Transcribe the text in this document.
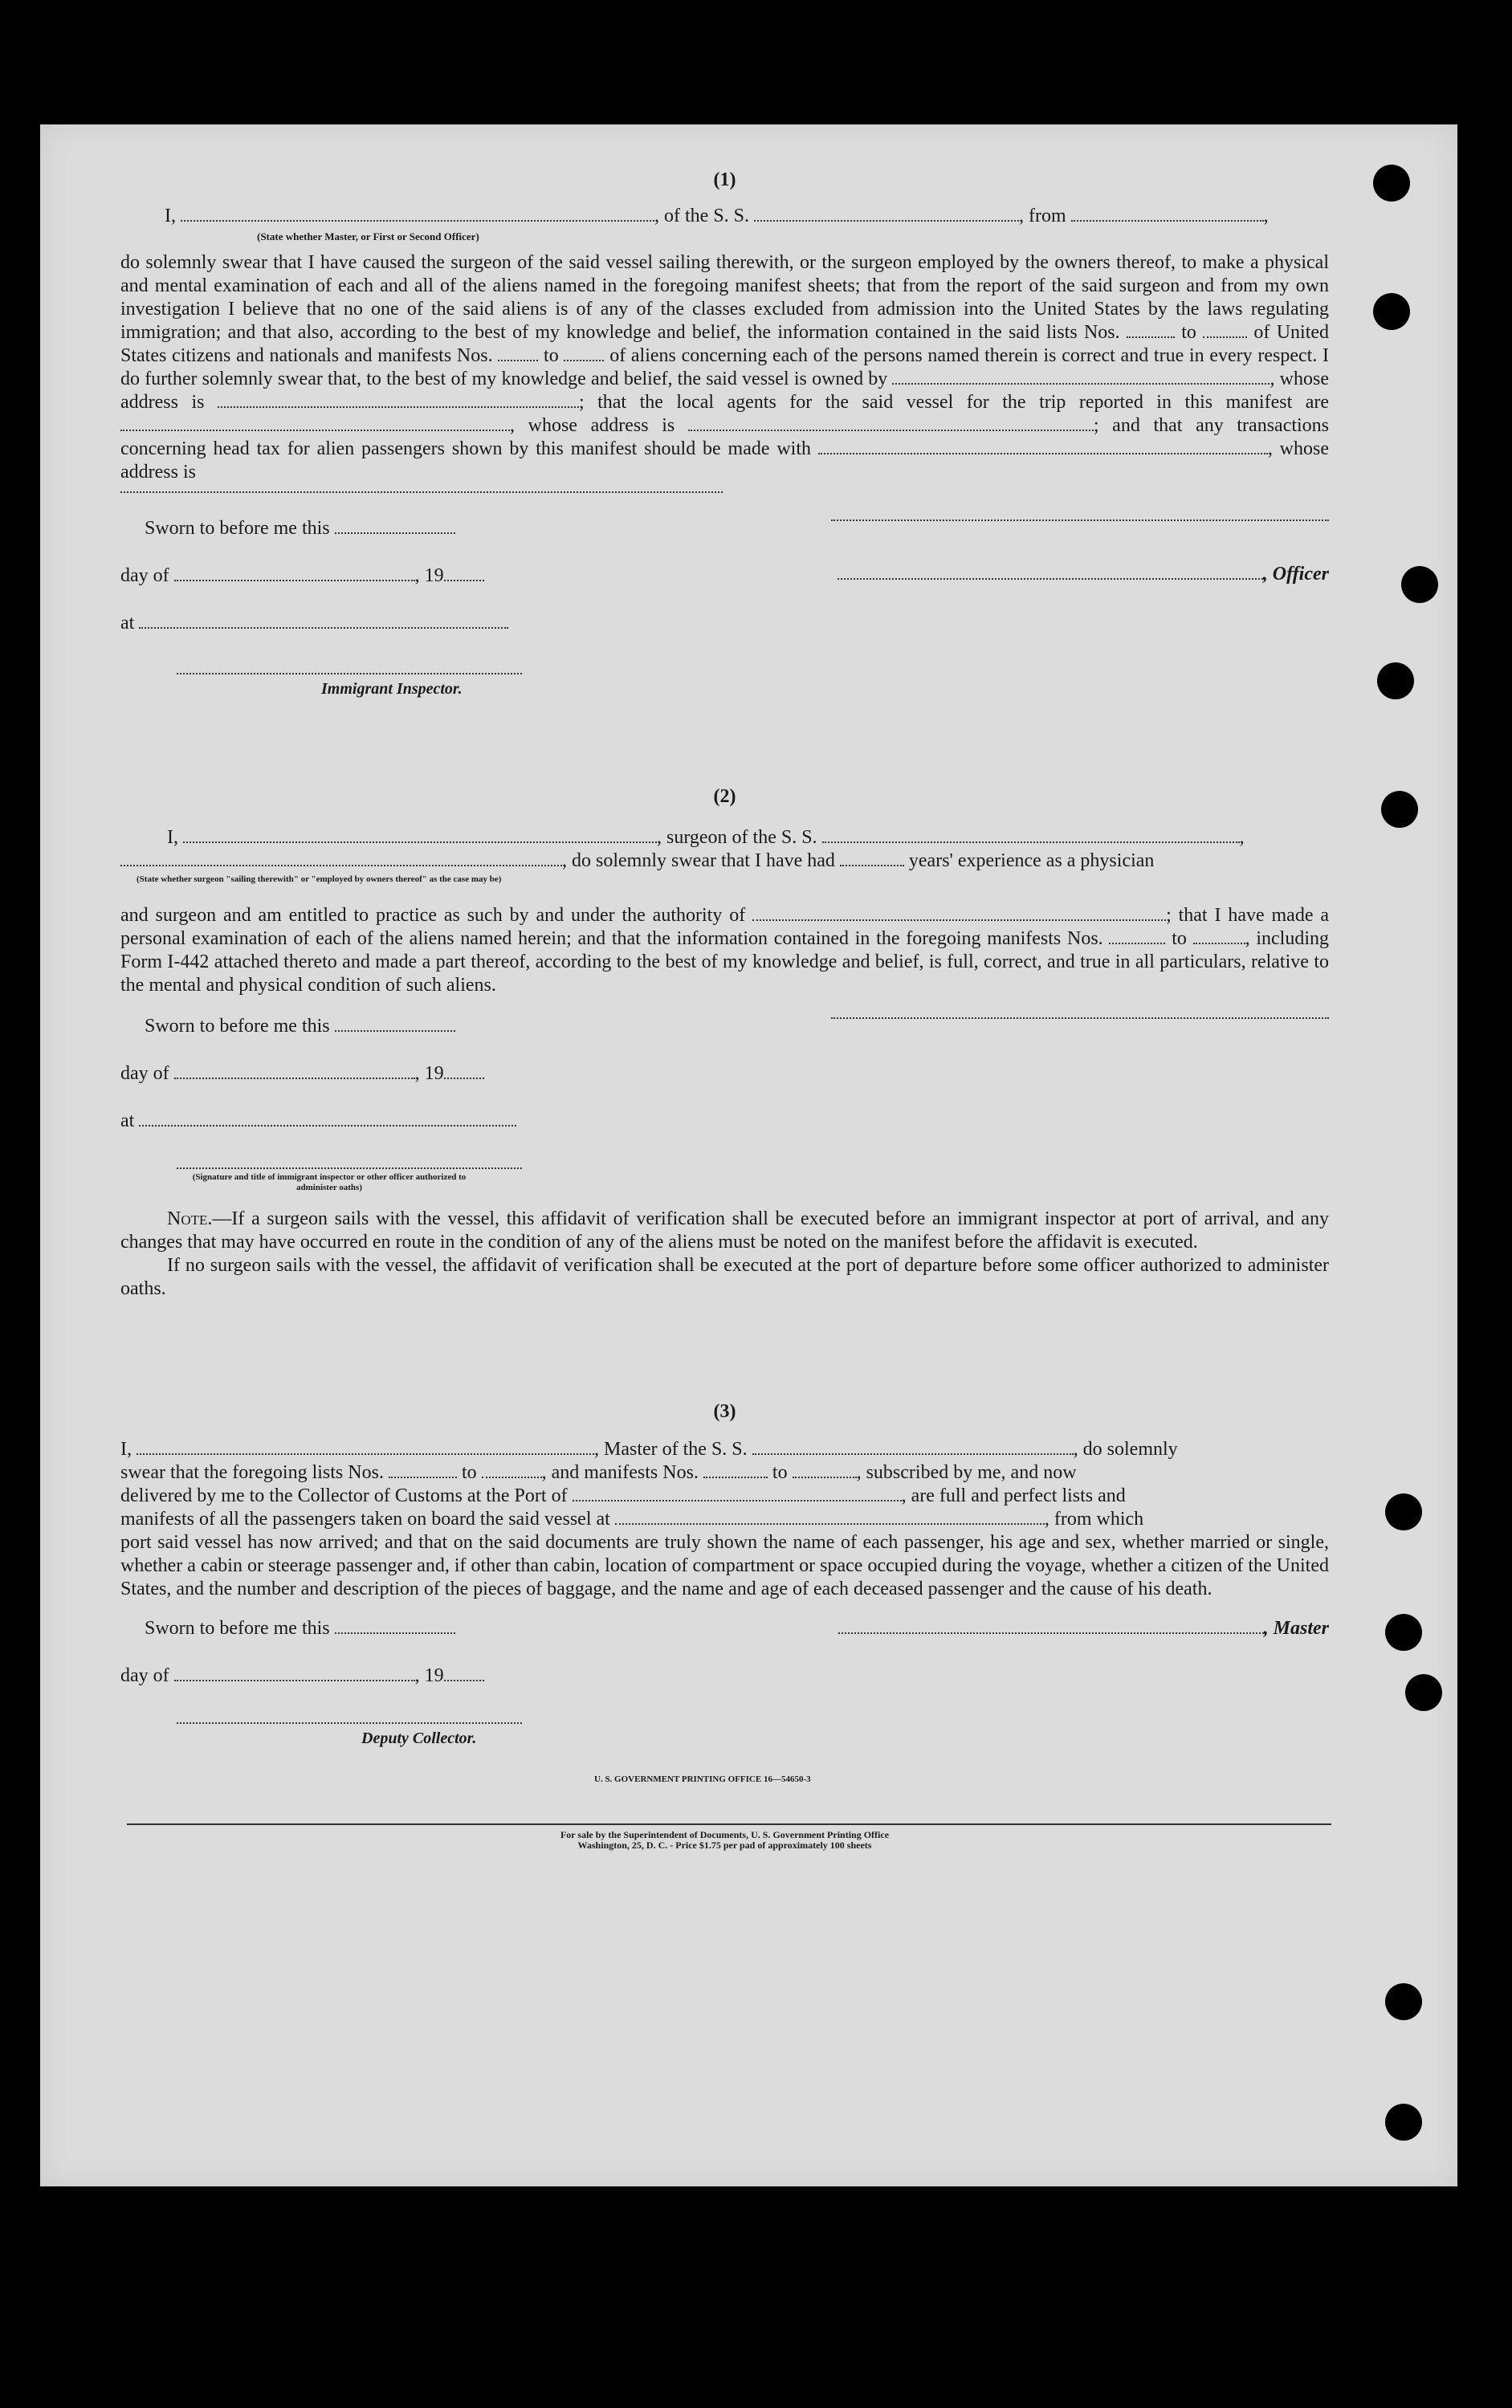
(1)
I,	, of the S. S.	, from	,
(State whether Master, or First or Second Officer)

do solemnly swear that I have caused the surgeon of the said vessel sailing therewith, or the surgeon employed by the owners thereof, to make a physical and mental examination of each and all of the aliens named in the foregoing manifest sheets; that from the report of the said surgeon and from my own investigation I believe that no one of the said aliens is of any of the classes excluded from admission into the United States by the laws regulating immigration; and that also, according to the best of my knowledge and belief, the information contained in the said lists Nos.	to	of United States citizens and nationals and manifests Nos.	to	of aliens concerning each of the persons named therein is correct and true in every respect. I do further solemnly swear that, to the best of my knowledge and belief, the said vessel is owned by	, whose address is	; that the local agents for the said vessel for the trip reported in this manifest are , whose address is	; and that any transactions concerning head tax for alien passengers shown by this manifest should be made with	, whose address is

Sworn to before me this
day of	, 19
at
Immigrant Inspector.
, Officer
(2)
I,	, surgeon of the S. S.	,
, do solemnly swear that I have had	years' experience as a physician
(State whether surgeon "sailing therewith" or "employed by owners thereof" as the case may be)

and surgeon and am entitled to practice as such by and under the authority of	; that I have made a personal examination of each of the aliens named herein; and that the information contained in the foregoing manifests Nos.	to	, including Form I-442 attached thereto and made a part thereof, according to the best of my knowledge and belief, is full, correct, and true in all particulars, relative to the mental and physical condition of such aliens.

Sworn to before me this
day of	, 19
at
(Signature and title of immigrant inspector or other officer authorized to administer oaths)

Note.—If a surgeon sails with the vessel, this affidavit of verification shall be executed before an immigrant inspector at port of arrival, and any changes that may have occurred en route in the condition of any of the aliens must be noted on the manifest before the affidavit is executed.

If no surgeon sails with the vessel, the affidavit of verification shall be executed at the port of departure before some officer authorized to administer oaths.

(3)
I,	, Master of the S. S.	, do solemnly
swear that the foregoing lists Nos.	to	, and manifests Nos.	to	, subscribed by me, and now
delivered by me to the Collector of Customs at the Port of	, are full and perfect lists and
manifests of all the passengers taken on board the said vessel at	, from which

port said vessel has now arrived; and that on the said documents are truly shown the name of each passenger, his age and sex, whether married or single, whether a cabin or steerage passenger and, if other than cabin, location of compartment or space occupied during the voyage, whether a citizen of the United States, and the number and description of the pieces of baggage, and the name and age of each deceased passenger and the cause of his death.

Sworn to before me this
day of	, 19
Deputy Collector.
, Master
U. S. GOVERNMENT PRINTING OFFICE 16—54650-3
For sale by the Superintendent of Documents, U. S. Government Printing Office
Washington, 25, D. C. - Price $1.75 per pad of approximately 100 sheets
